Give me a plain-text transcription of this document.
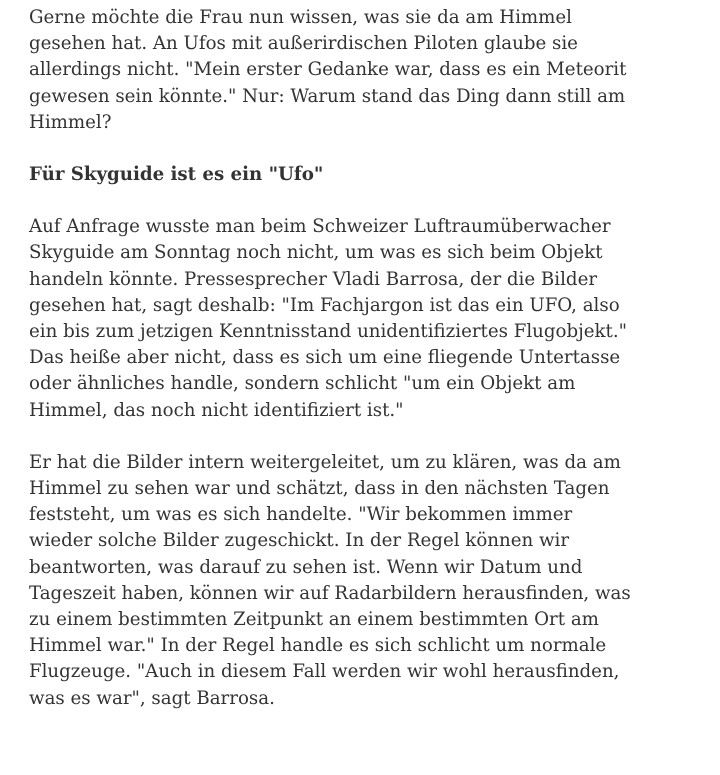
Gerne möchte die Frau nun wissen, was sie da am Himmel
gesehen hat. An Ufos mit außerirdischen Piloten glaube sie
allerdings nicht. "Mein erster Gedanke war, dass es ein Meteorit
gewesen sein könnte." Nur: Warum stand das Ding dann still am
Himmel?

Für Skyguide ist es ein "Ufo"

Auf Anfrage wusste man beim Schweizer Luftraumüberwacher
Skyguide am Sonntag noch nicht, um was es sich beim Objekt
handeln könnte. Pressesprecher Vladi Barrosa, der die Bilder
gesehen hat, sagt deshalb: "Im Fachjargon ist das ein UFO, also
ein bis zum jetzigen Kenntnisstand unidentifiziertes Flugobjekt."
Das heiße aber nicht, dass es sich um eine fliegende Untertasse
oder ähnliches handle, sondern schlicht "um ein Objekt am
Himmel, das noch nicht identifiziert ist."

Er hat die Bilder intern weitergeleitet, um zu klären, was da am
Himmel zu sehen war und schätzt, dass in den nächsten Tagen
feststeht, um was es sich handelte. "Wir bekommen immer
wieder solche Bilder zugeschickt. In der Regel können wir
beantworten, was darauf zu sehen ist. Wenn wir Datum und
Tageszeit haben, können wir auf Radarbildern herausfinden, was
zu einem bestimmten Zeitpunkt an einem bestimmten Ort am
Himmel war." In der Regel handle es sich schlicht um normale
Flugzeuge. "Auch in diesem Fall werden wir wohl herausfinden,
was es war", sagt Barrosa.
